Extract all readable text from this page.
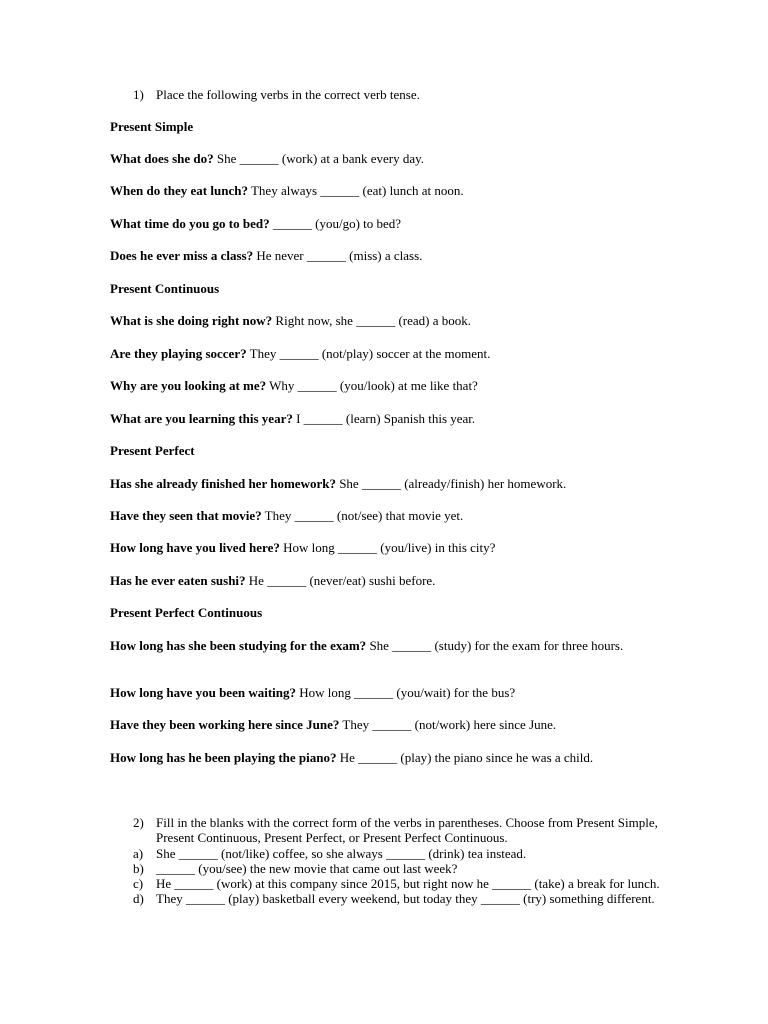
1) Place the following verbs in the correct verb tense.

Present Simple

What does she do? She ______ (work) at a bank every day.

When do they eat lunch? They always ______ (eat) lunch at noon.

What time do you go to bed? ______ (you/go) to bed?

Does he ever miss a class? He never ______ (miss) a class.

Present Continuous

What is she doing right now? Right now, she ______ (read) a book.

Are they playing soccer? They ______ (not/play) soccer at the moment.

Why are you looking at me? Why ______ (you/look) at me like that?

What are you learning this year? I ______ (learn) Spanish this year.

Present Perfect

Has she already finished her homework? She ______ (already/finish) her homework.

Have they seen that movie? They ______ (not/see) that movie yet.

How long have you lived here? How long ______ (you/live) in this city?

Has he ever eaten sushi? He ______ (never/eat) sushi before.

Present Perfect Continuous

How long has she been studying for the exam? She ______ (study) for the exam for three hours.

How long have you been waiting? How long ______ (you/wait) for the bus?

Have they been working here since June? They ______ (not/work) here since June.

How long has he been playing the piano? He ______ (play) the piano since he was a child.

2) Fill in the blanks with the correct form of the verbs in parentheses. Choose from Present Simple, Present Continuous, Present Perfect, or Present Perfect Continuous.
a) She ______ (not/like) coffee, so she always ______ (drink) tea instead.
b) ______ (you/see) the new movie that came out last week?
c) He ______ (work) at this company since 2015, but right now he ______ (take) a break for lunch.
d) They ______ (play) basketball every weekend, but today they ______ (try) something different.
